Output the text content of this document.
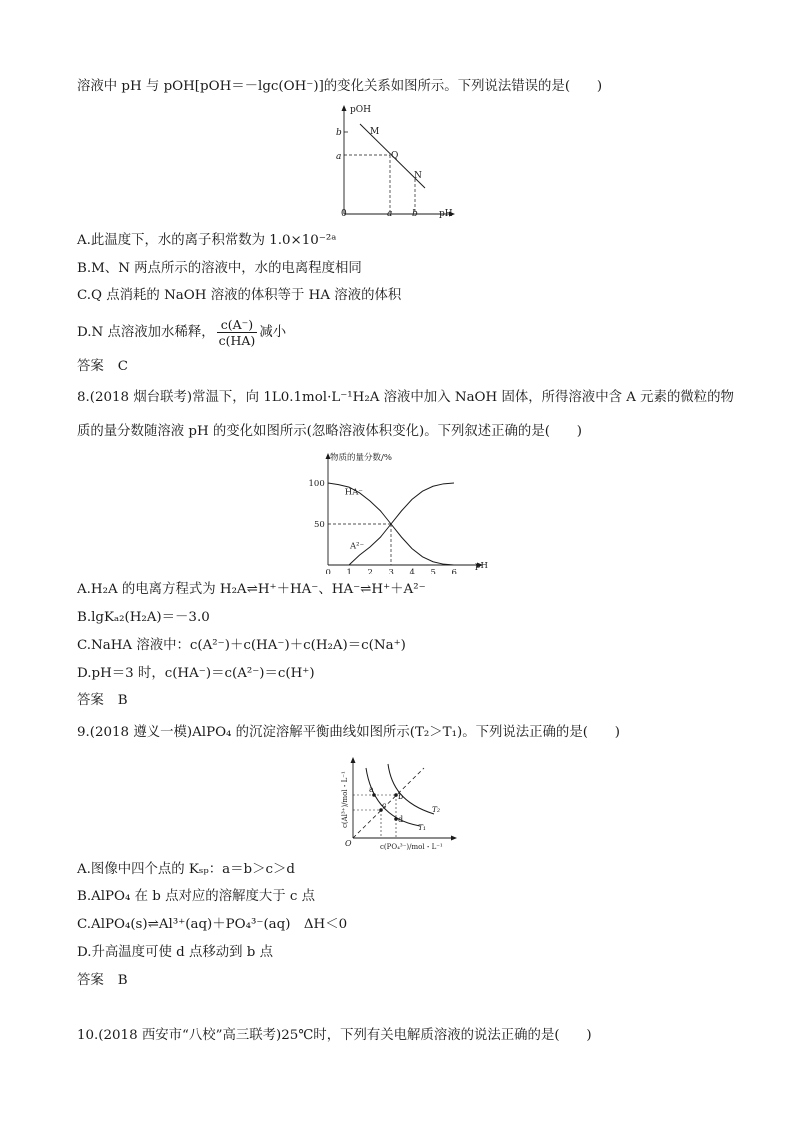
溶液中 pH 与 pOH[pOH＝－lgc(OH⁻)]的变化关系如图所示。下列说法错误的是(　　)
pOH
pH
0
b
a
a b
M
Q
N
A.此温度下，水的离子积常数为 1.0×10⁻²ᵃ
B.M、N 两点所示的溶液中，水的电离程度相同
C.Q 点消耗的 NaOH 溶液的体积等于 HA 溶液的体积
D.N 点溶液加水稀释， $\frac{c(A^-)}{c(HA)}$ 减小
答案 C
8.(2018 烟台联考)常温下，向 1L0.1mol·L⁻¹H₂A 溶液中加入 NaOH 固体，所得溶液中含 A 元素的微粒的物
质的量分数随溶液 pH 的变化如图所示(忽略溶液体积变化)。下列叙述正确的是(　　)
物质的量分数/%
pH
0 1 2 3 4 5 6
50
100
HA⁻
A²⁻
A.H₂A 的电离方程式为 H₂A⇌H⁺＋HA⁻、HA⁻⇌H⁺＋A²⁻
B.lgKₐ₂(H₂A)＝－3.0
C.NaHA 溶液中：c(A²⁻)＋c(HA⁻)＋c(H₂A)＝c(Na⁺)
D.pH＝3 时，c(HA⁻)＝c(A²⁻)＝c(H⁺)
答案 B
9.(2018 遵义一模)AlPO₄ 的沉淀溶解平衡曲线如图所示(T₂＞T₁)。下列说法正确的是(　　)
a
b
c
d
T₂
T₁
O	c(PO₄³⁻)/mol・L⁻¹
c(Al³⁺)/mol・L⁻¹
A.图像中四个点的 Kₛₚ：a＝b＞c＞d
B.AlPO₄ 在 b 点对应的溶解度大于 c 点
C.AlPO₄(s)⇌Al³⁺(aq)＋PO₄³⁻(aq)　ΔH＜0
D.升高温度可使 d 点移动到 b 点
答案 B
10.(2018 西安市“八校”高三联考)25℃时，下列有关电解质溶液的说法正确的是(　　)
